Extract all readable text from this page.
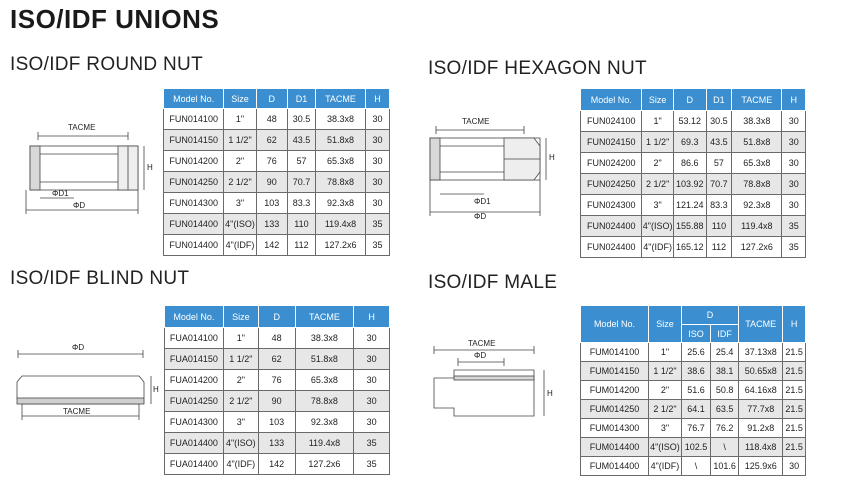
ISO/IDF UNIONS
ISO/IDF ROUND NUT
TACME
H
ΦD1
ΦD
Model No.	Size	D	D1	TACME	H
FUN014100	1"	48	30.5	38.3x8	30
FUN014150	1 1/2"	62	43.5	51.8x8	30
FUN014200	2"	76	57	65.3x8	30
FUN014250	2 1/2"	90	70.7	78.8x8	30
FUN014300	3"	103	83.3	92.3x8	30
FUN014400	4"(ISO)	133	110	119.4x8	35
FUN014400	4"(IDF)	142	112	127.2x6	35
ISO/IDF HEXAGON NUT
TACME
H
ΦD1
ΦD
Model No.	Size	D	D1	TACME	H
FUN024100	1"	53.12	30.5	38.3x8	30
FUN024150	1 1/2"	69.3	43.5	51.8x8	30
FUN024200	2"	86.6	57	65.3x8	30
FUN024250	2 1/2"	103.92	70.7	78.8x8	30
FUN024300	3"	121.24	83.3	92.3x8	30
FUN024400	4"(ISO)	155.88	110	119.4x8	35
FUN024400	4"(IDF)	165.12	112	127.2x6	35
ISO/IDF BLIND NUT
ΦD
H
TACME
Model No.	Size	D	TACME	H
FUA014100	1"	48	38.3x8	30
FUA014150	1 1/2"	62	51.8x8	30
FUA014200	2"	76	65.3x8	30
FUA014250	2 1/2"	90	78.8x8	30
FUA014300	3"	103	92.3x8	30
FUA014400	4"(ISO)	133	119.4x8	35
FUA014400	4"(IDF)	142	127.2x6	35
ISO/IDF MALE
TACME
ΦD
H
Model No.	Size	D		TACME	H
		ISO	IDF		
FUM014100	1"	25.6	25.4	37.13x8	21.5
FUM014150	1 1/2"	38.6	38.1	50.65x8	21.5
FUM014200	2"	51.6	50.8	64.16x8	21.5
FUM014250	2 1/2"	64.1	63.5	77.7x8	21.5
FUM014300	3"	76.7	76.2	91.2x8	21.5
FUM014400	4"(ISO)	102.5	\	118.4x8	21.5
FUM014400	4"(IDF)	\	101.6	125.9x6	30
